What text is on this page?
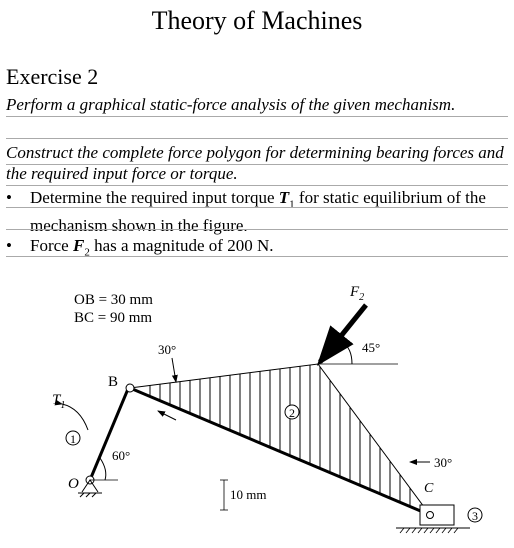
Theory of Machines
Exercise 2
Perform a graphical static-force analysis of the given mechanism.
Construct the complete force polygon for determining bearing forces and the required input force or torque.
• Determine the required input torque $T_1$ for static equilibrium of the mechanism shown in the figure.
• Force $F_2$ has a magnitude of 200 N.
OB = 30 mm
BC = 90 mm
O
B
1
$T_1$
60°
30°
$F_2$
45°
2
30°
C
3
10 mm
